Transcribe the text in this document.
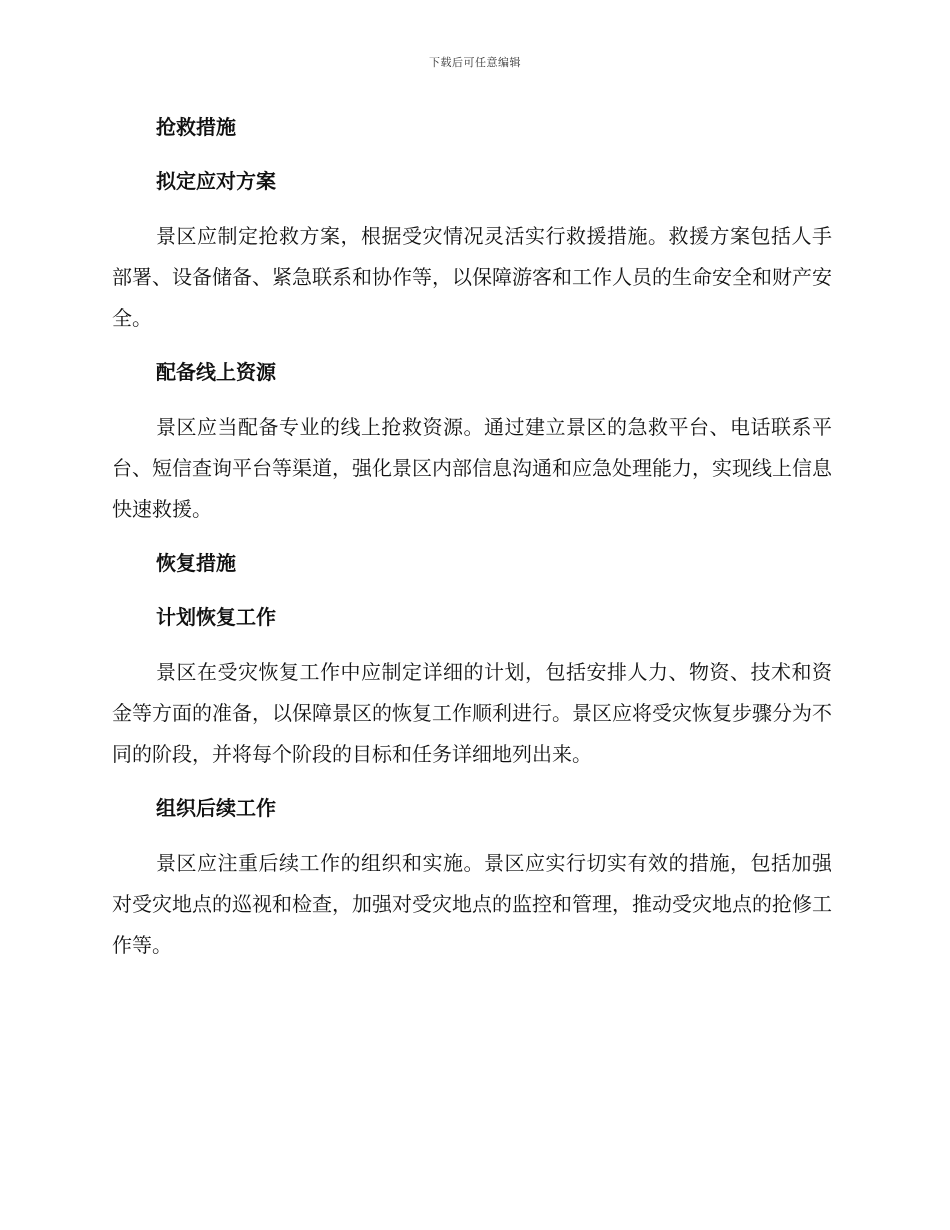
下载后可任意编辑
抢救措施
拟定应对方案

景区应制定抢救方案，根据受灾情况灵活实行救援措施。救援方案包括人手部署、设备储备、紧急联系和协作等，以保障游客和工作人员的生命安全和财产安全。

配备线上资源

景区应当配备专业的线上抢救资源。通过建立景区的急救平台、电话联系平台、短信查询平台等渠道，强化景区内部信息沟通和应急处理能力，实现线上信息快速救援。

恢复措施
计划恢复工作

景区在受灾恢复工作中应制定详细的计划，包括安排人力、物资、技术和资金等方面的准备，以保障景区的恢复工作顺利进行。景区应将受灾恢复步骤分为不同的阶段，并将每个阶段的目标和任务详细地列出来。

组织后续工作

景区应注重后续工作的组织和实施。景区应实行切实有效的措施，包括加强对受灾地点的巡视和检查，加强对受灾地点的监控和管理，推动受灾地点的抢修工作等。
